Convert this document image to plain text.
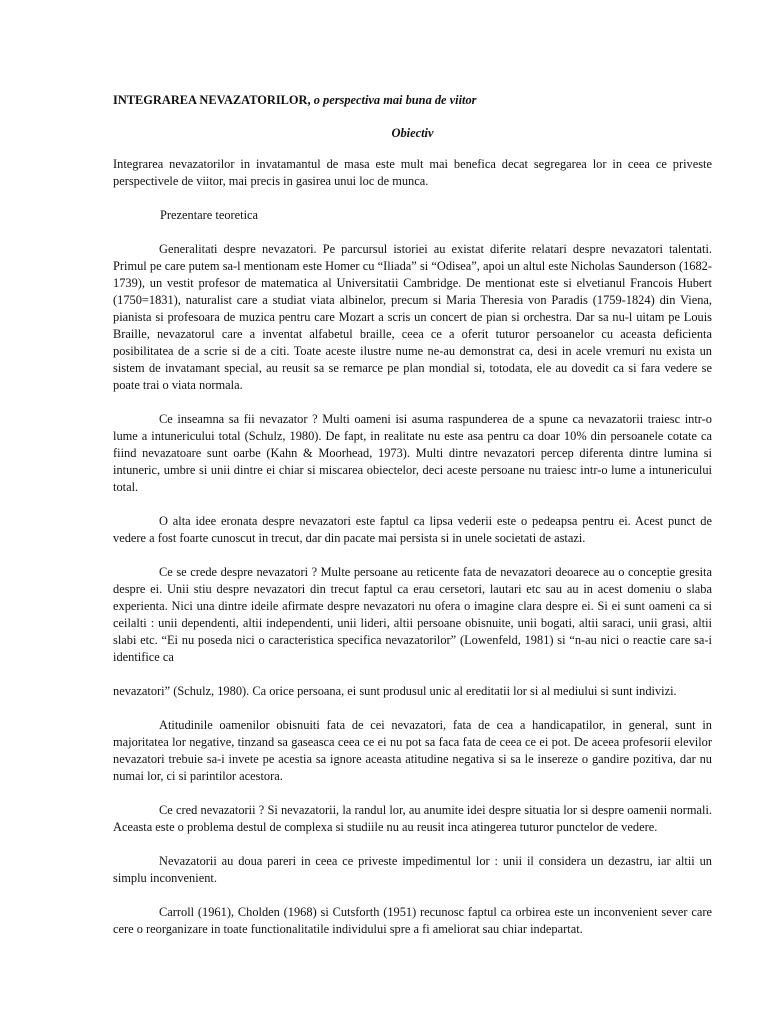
INTEGRAREA NEVAZATORILOR, o perspectiva mai buna de viitor

Obiectiv

Integrarea nevazatorilor in invatamantul de masa este mult mai benefica decat segregarea lor in ceea ce priveste perspectivele de viitor, mai precis in gasirea unui loc de munca.

Prezentare teoretica

Generalitati despre nevazatori. Pe parcursul istoriei au existat diferite relatari despre nevazatori talentati. Primul pe care putem sa-l mentionam este Homer cu “Iliada” si “Odisea”, apoi un altul este Nicholas Saunderson (1682-1739), un vestit profesor de matematica al Universitatii Cambridge. De mentionat este si elvetianul Francois Hubert (1750=1831), naturalist care a studiat viata albinelor, precum si Maria Theresia von Paradis (1759-1824) din Viena, pianista si profesoara de muzica pentru care Mozart a scris un concert de pian si orchestra. Dar sa nu-l uitam pe Louis Braille, nevazatorul care a inventat alfabetul braille, ceea ce a oferit tuturor persoanelor cu aceasta deficienta posibilitatea de a scrie si de a citi. Toate aceste ilustre nume ne-au demonstrat ca, desi in acele vremuri nu exista un sistem de invatamant special, au reusit sa se remarce pe plan mondial si, totodata, ele au dovedit ca si fara vedere se poate trai o viata normala.

Ce inseamna sa fii nevazator ? Multi oameni isi asuma raspunderea de a spune ca nevazatorii traiesc intr-o lume a intunericului total (Schulz, 1980). De fapt, in realitate nu este asa pentru ca doar 10% din persoanele cotate ca fiind nevazatoare sunt oarbe (Kahn & Moorhead, 1973). Multi dintre nevazatori percep diferenta dintre lumina si intuneric, umbre si unii dintre ei chiar si miscarea obiectelor, deci aceste persoane nu traiesc intr-o lume a intunericului total.

O alta idee eronata despre nevazatori este faptul ca lipsa vederii este o pedeapsa pentru ei. Acest punct de vedere a fost foarte cunoscut in trecut, dar din pacate mai persista si in unele societati de astazi.

Ce se crede despre nevazatori ? Multe persoane au reticente fata de nevazatori deoarece au o conceptie gresita despre ei. Unii stiu despre nevazatori din trecut faptul ca erau cersetori, lautari etc sau au in acest domeniu o slaba experienta. Nici una dintre ideile afirmate despre nevazatori nu ofera o imagine clara despre ei. Si ei sunt oameni ca si ceilalti : unii dependenti, altii independenti, unii lideri, altii persoane obisnuite, unii bogati, altii saraci, unii grasi, altii slabi etc. “Ei nu poseda nici o caracteristica specifica nevazatorilor” (Lowenfeld, 1981) si “n-au nici o reactie care sa-i identifice ca

nevazatori” (Schulz, 1980). Ca orice persoana, ei sunt produsul unic al ereditatii lor si al mediului si sunt indivizi.

Atitudinile oamenilor obisnuiti fata de cei nevazatori, fata de cea a handicapatilor, in general, sunt in majoritatea lor negative, tinzand sa gaseasca ceea ce ei nu pot sa faca fata de ceea ce ei pot. De aceea profesorii elevilor nevazatori trebuie sa-i invete pe acestia sa ignore aceasta atitudine negativa si sa le insereze o gandire pozitiva, dar nu numai lor, ci si parintilor acestora.

Ce cred nevazatorii ? Si nevazatorii, la randul lor, au anumite idei despre situatia lor si despre oamenii normali. Aceasta este o problema destul de complexa si studiile nu au reusit inca atingerea tuturor punctelor de vedere.

Nevazatorii au doua pareri in ceea ce priveste impedimentul lor : unii il considera un dezastru, iar altii un simplu inconvenient.

Carroll (1961), Cholden (1968) si Cutsforth (1951) recunosc faptul ca orbirea este un inconvenient sever care cere o reorganizare in toate functionalitatile individului spre a fi ameliorat sau chiar indepartat.
